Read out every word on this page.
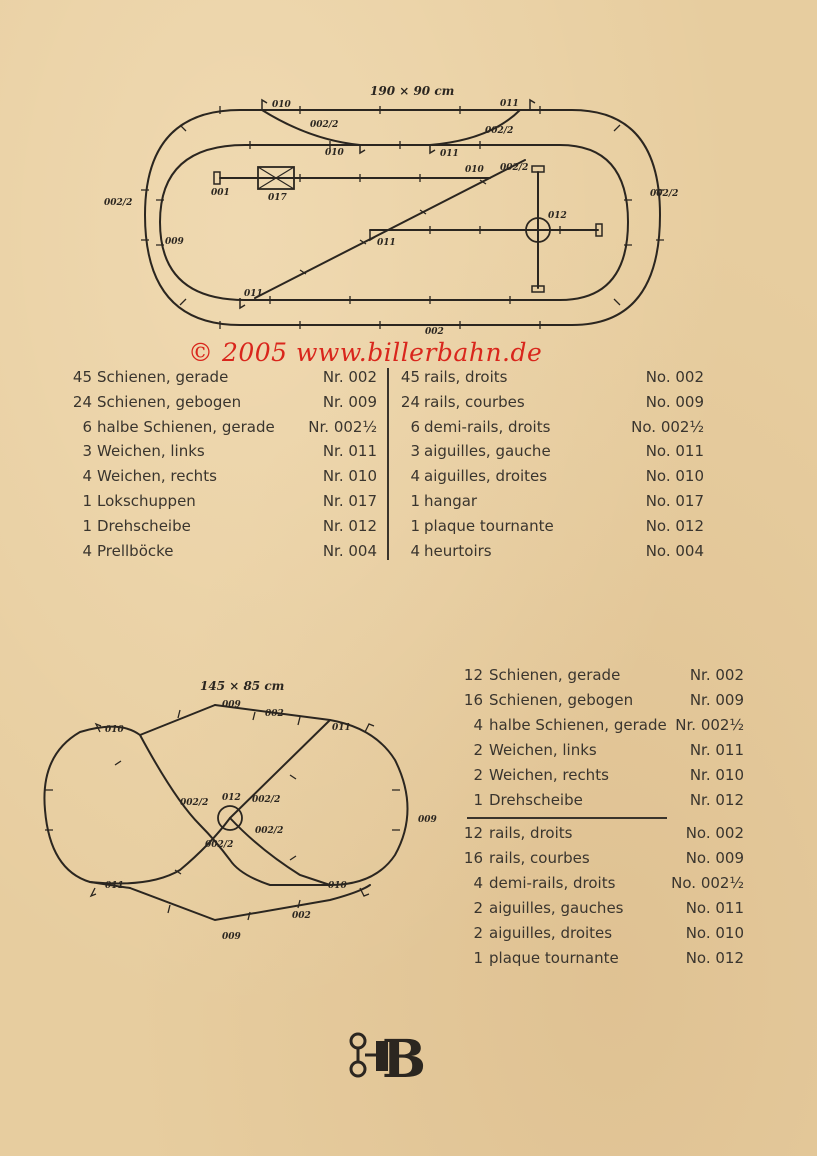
190 × 90 cm
010
002/2
010
011
002/2
011
010 002/2
001	017
002/2
002/2
012
009	011
011
002
© 2005 www.billerbahn.de
45 Schienen, gerade	Nr. 002
24 Schienen, gebogen	Nr. 009
6 halbe Schienen, gerade	Nr. 002½
3 Weichen, links	Nr. 011
4 Weichen, rechts	Nr. 010
1 Lokschuppen	Nr. 017
1 Drehscheibe	Nr. 012
4 Prellböcke	Nr. 004
45 rails, droits	No. 002
24 rails, courbes	No. 009
6 demi-rails, droits	No. 002½
3 aiguilles, gauche	No. 011
4 aiguilles, droites	No. 010
1 hangar	No. 017
1 plaque tournante	No. 012
4 heurtoirs	No. 004
145 × 85 cm
009
002
010	011
002/2 012 002/2
002/2
002/2
009
011	010
002
009
12 Schienen, gerade	Nr. 002
16 Schienen, gebogen	Nr. 009
4 halbe Schienen, gerade Nr. 002½
2 Weichen, links	Nr. 011
2 Weichen, rechts	Nr. 010
1 Drehscheibe	Nr. 012
12 rails, droits	No. 002
16 rails, courbes	No. 009
4 demi-rails, droits	No. 002½
2 aiguilles, gauches	No. 011
2 aiguilles, droites	No. 010
1 plaque tournante	No. 012
B
